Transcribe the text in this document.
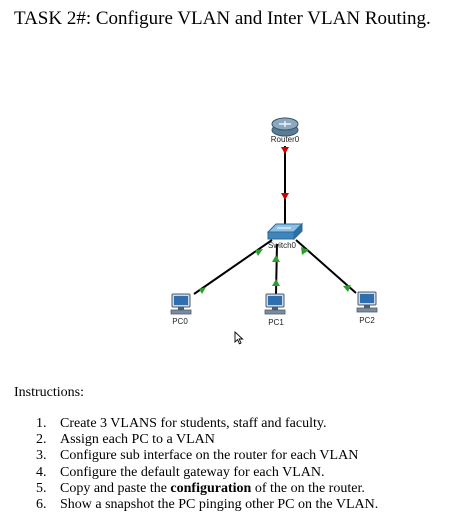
TASK 2#: Configure VLAN and Inter VLAN Routing.
Router0
Switch0
PC0	PC1	PC2
Instructions:
1. Create 3 VLANS for students, staff and faculty.
2. Assign each PC to a VLAN
3. Configure sub interface on the router for each VLAN
4. Configure the default gateway for each VLAN.
5. Copy and paste the configuration of the on the router.
6. Show a snapshot the PC pinging other PC on the VLAN.
